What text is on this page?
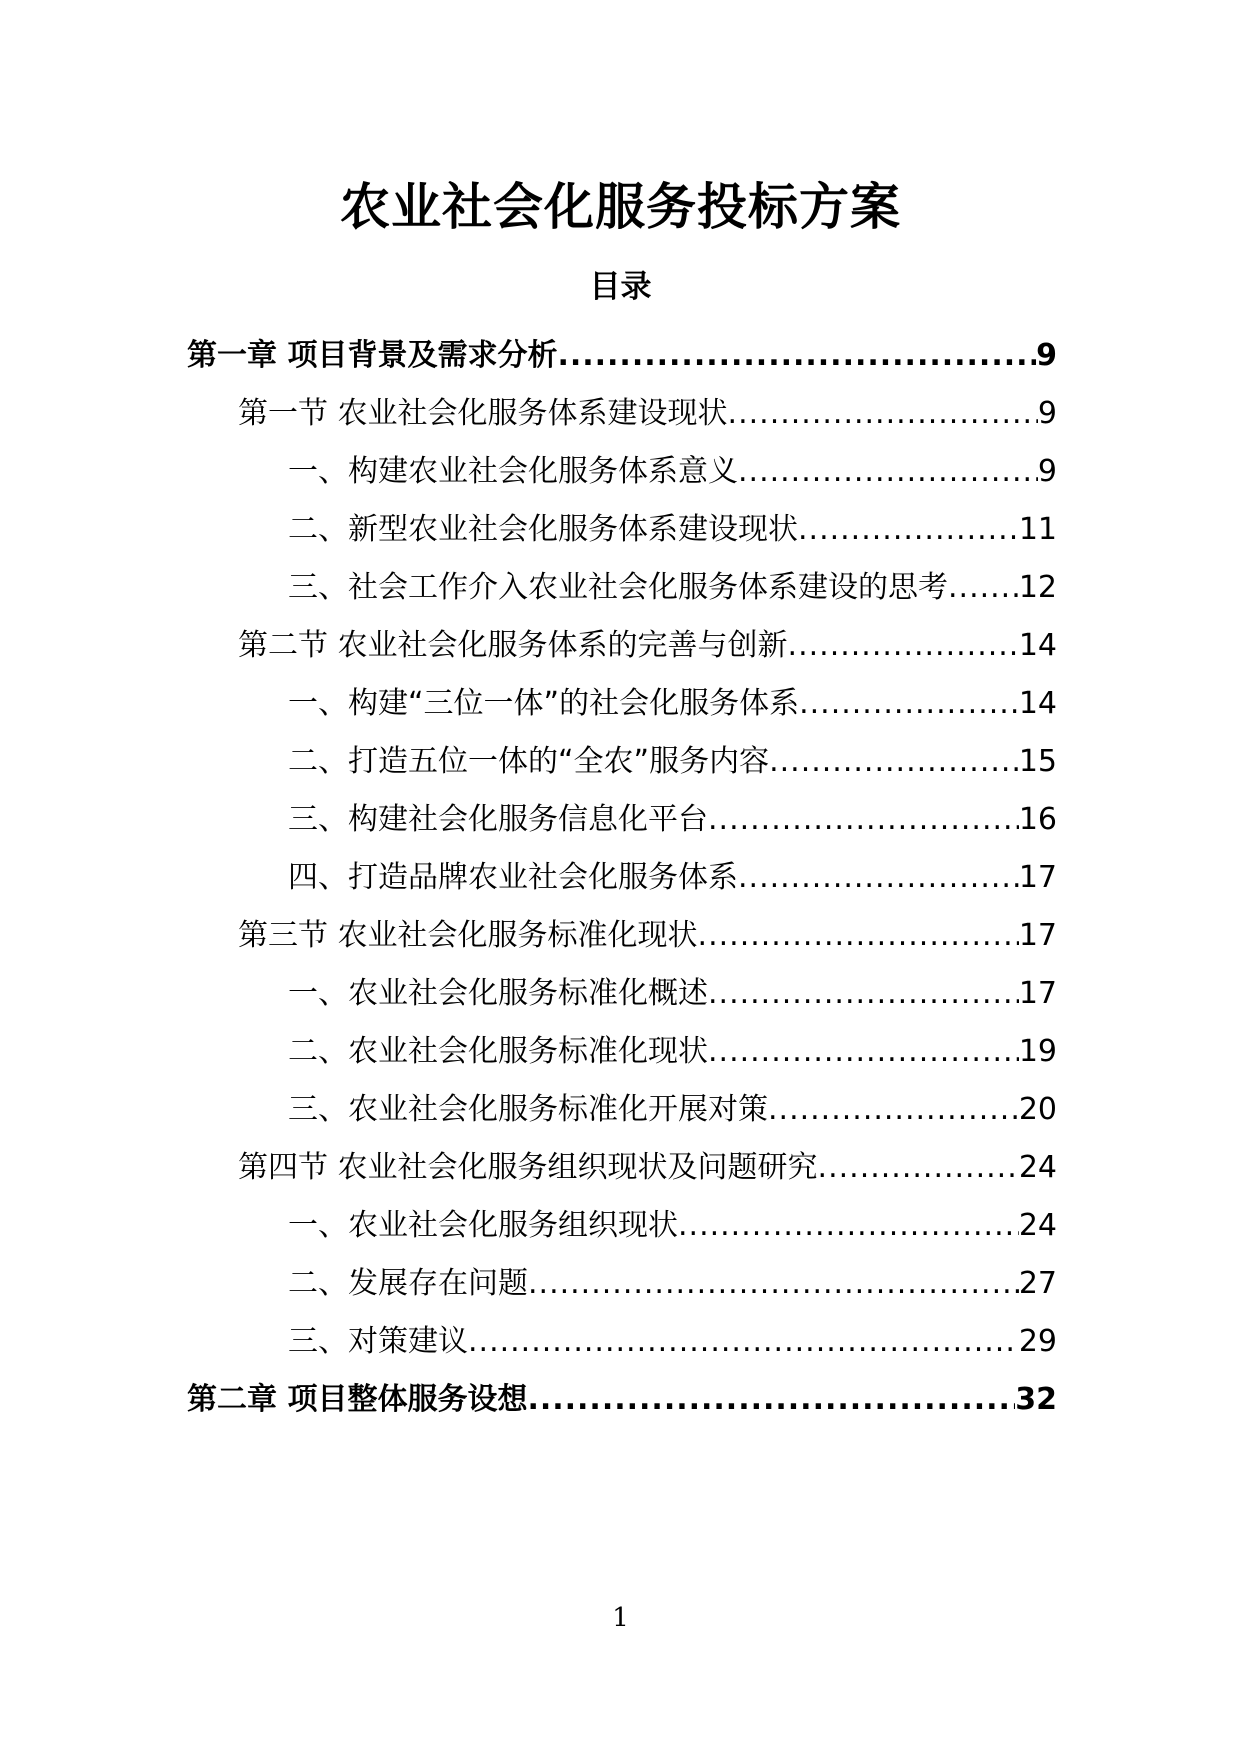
农业社会化服务投标方案
目录
第一章 项目背景及需求分析 .....	9
第一节 农业社会化服务体系建设现状 .....	9
一、构建农业社会化服务体系意义 .....	9
二、新型农业社会化服务体系建设现状 .....	11
三、社会工作介入农业社会化服务体系建设的思考 ..... 12
第二节 农业社会化服务体系的完善与创新 .....	14
一、构建“三位一体”的社会化服务体系 .....	14
二、打造五位一体的“全农”服务内容 .....	15
三、构建社会化服务信息化平台 .....	16
四、打造品牌农业社会化服务体系 .....	17
第三节 农业社会化服务标准化现状 .....	17
一、农业社会化服务标准化概述 .....	17
二、农业社会化服务标准化现状 .....	19
三、农业社会化服务标准化开展对策 .....	20
第四节 农业社会化服务组织现状及问题研究 .....	24
一、农业社会化服务组织现状 .....	24
二、发展存在问题 .....	27
三、对策建议 .....	29
第二章 项目整体服务设想 .....	32
1
